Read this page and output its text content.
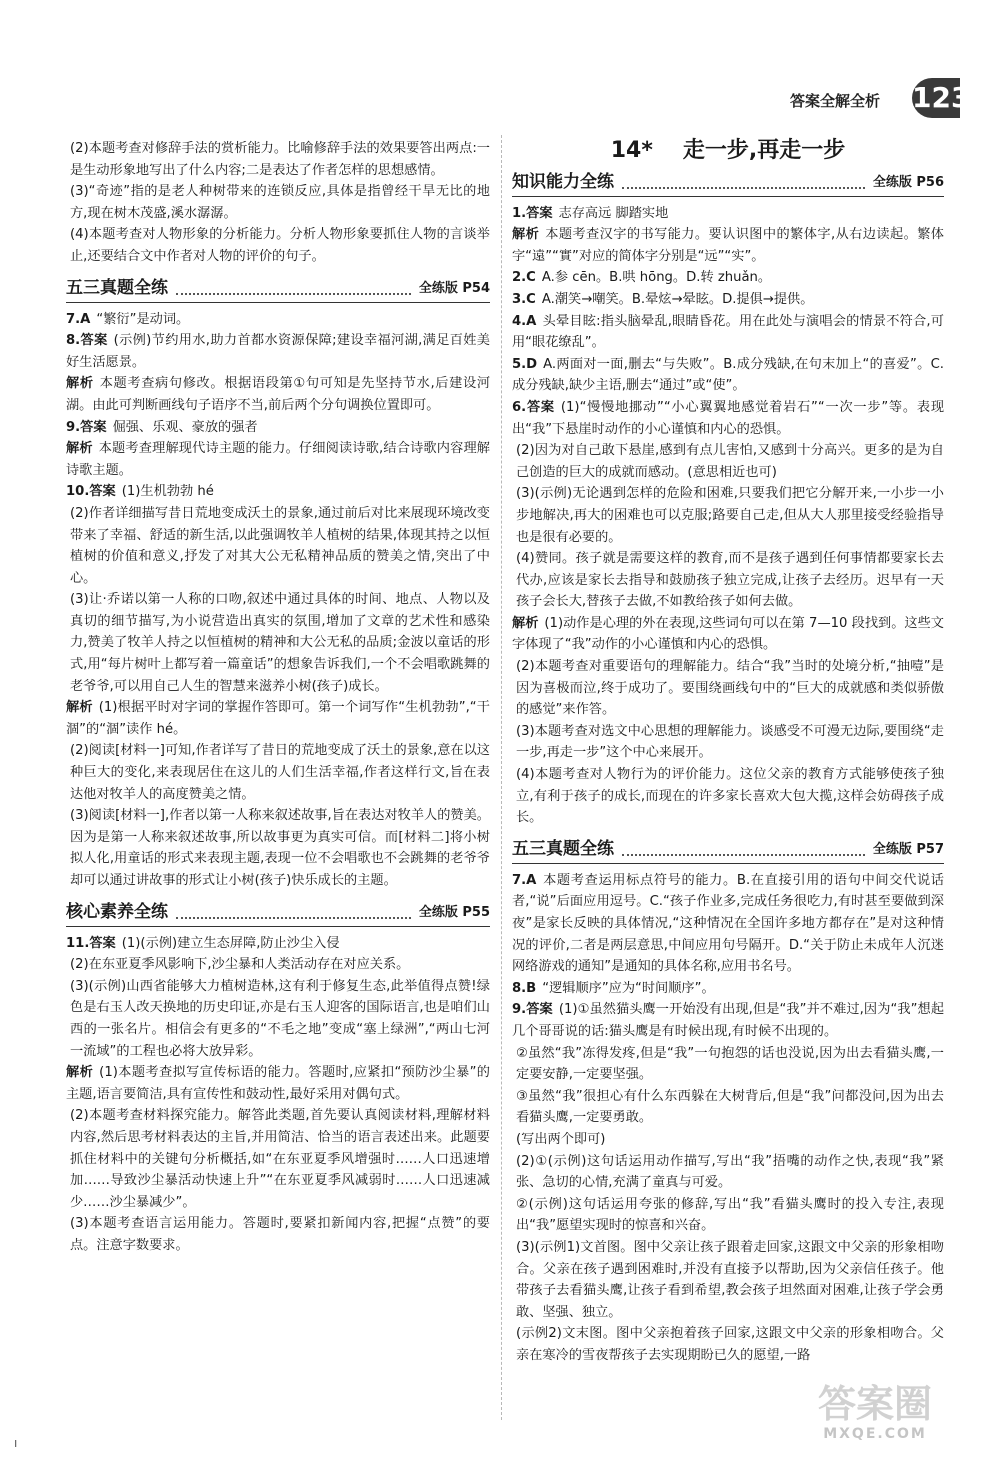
答案全解全析 123

(2)本题考查对修辞手法的赏析能力。比喻修辞手法的效果要答出两点:一是生动形象地写出了什么内容;二是表达了作者怎样的思想感情。

(3)“奇迹”指的是老人种树带来的连锁反应,具体是指曾经干旱无比的地方,现在树木茂盛,溪水潺潺。

(4)本题考查对人物形象的分析能力。分析人物形象要抓住人物的言谈举止,还要结合文中作者对人物的评价的句子。

五三真题全练	全练版 P54

7.A “繁衍”是动词。

8.答案 (示例)节约用水,助力首都水资源保障;建设幸福河湖,满足百姓美好生活愿景。

解析 本题考查病句修改。根据语段第①句可知是先坚持节水,后建设河湖。由此可判断画线句子语序不当,前后两个分句调换位置即可。

9.答案 倔强、乐观、豪放的强者

解析 本题考查理解现代诗主题的能力。仔细阅读诗歌,结合诗歌内容理解诗歌主题。

10.答案 (1)生机勃勃 hé

(2)作者详细描写昔日荒地变成沃土的景象,通过前后对比来展现环境改变带来了幸福、舒适的新生活,以此强调牧羊人植树的结果,体现其持之以恒植树的价值和意义,抒发了对其大公无私精神品质的赞美之情,突出了中心。

(3)让·乔诺以第一人称的口吻,叙述中通过具体的时间、地点、人物以及真切的细节描写,为小说营造出真实的氛围,增加了文章的艺术性和感染力,赞美了牧羊人持之以恒植树的精神和大公无私的品质;金波以童话的形式,用“每片树叶上都写着一篇童话”的想象告诉我们,一个不会唱歌跳舞的老爷爷,可以用自己人生的智慧来滋养小树(孩子)成长。

解析 (1)根据平时对字词的掌握作答即可。第一个词写作“生机勃勃”,“干涸”的“涸”读作 hé。

(2)阅读[材料一]可知,作者详写了昔日的荒地变成了沃土的景象,意在以这种巨大的变化,来表现居住在这儿的人们生活幸福,作者这样行文,旨在表达他对牧羊人的高度赞美之情。

(3)阅读[材料一],作者以第一人称来叙述故事,旨在表达对牧羊人的赞美。因为是第一人称来叙述故事,所以故事更为真实可信。而[材料二]将小树拟人化,用童话的形式来表现主题,表现一位不会唱歌也不会跳舞的老爷爷却可以通过讲故事的形式让小树(孩子)快乐成长的主题。

核心素养全练	全练版 P55

11.答案 (1)(示例)建立生态屏障,防止沙尘入侵

(2)在东亚夏季风影响下,沙尘暴和人类活动存在对应关系。

(3)(示例)山西省能够大力植树造林,这有利于修复生态,此举值得点赞!绿色是右玉人改天换地的历史印证,亦是右玉人迎客的国际语言,也是咱们山西的一张名片。相信会有更多的“不毛之地”变成“塞上绿洲”,“两山七河一流域”的工程也必将大放异彩。

解析 (1)本题考查拟写宣传标语的能力。答题时,应紧扣“预防沙尘暴”的主题,语言要简洁,具有宣传性和鼓动性,最好采用对偶句式。

(2)本题考查材料探究能力。解答此类题,首先要认真阅读材料,理解材料内容,然后思考材料表达的主旨,并用简洁、恰当的语言表述出来。此题要抓住材料中的关键句分析概括,如“在东亚夏季风增强时……人口迅速增加……导致沙尘暴活动快速上升”“在东亚夏季风减弱时……人口迅速减少……沙尘暴减少”。

(3)本题考查语言运用能力。答题时,要紧扣新闻内容,把握“点赞”的要点。注意字数要求。

14* 走一步,再走一步
知识能力全练	全练版 P56

1.答案 志存高远 脚踏实地

解析 本题考查汉字的书写能力。要认识图中的繁体字,从右边读起。繁体字“遠”“實”对应的简体字分别是“远”“实”。

2.C A.参 cēn。B.哄 hōng。D.转 zhuǎn。

3.C A.潮笑→嘲笑。B.晕炫→晕眩。D.提俱→提供。

4.A 头晕目眩:指头脑晕乱,眼睛昏花。用在此处与演唱会的情景不符合,可用“眼花缭乱”。

5.D A.两面对一面,删去“与失败”。B.成分残缺,在句末加上“的喜爱”。C.成分残缺,缺少主语,删去“通过”或“使”。

6.答案 (1)“慢慢地挪动”“小心翼翼地感觉着岩石”“一次一步”等。表现出“我”下悬崖时动作的小心谨慎和内心的恐惧。

(2)因为对自己敢下悬崖,感到有点儿害怕,又感到十分高兴。更多的是为自己创造的巨大的成就而感动。(意思相近也可)

(3)(示例)无论遇到怎样的危险和困难,只要我们把它分解开来,一小步一小步地解决,再大的困难也可以克服;路要自己走,但从大人那里接受经验指导也是很有必要的。

(4)赞同。孩子就是需要这样的教育,而不是孩子遇到任何事情都要家长去代办,应该是家长去指导和鼓励孩子独立完成,让孩子去经历。迟早有一天孩子会长大,替孩子去做,不如教给孩子如何去做。

解析 (1)动作是心理的外在表现,这些词句可以在第 7—10 段找到。这些文字体现了“我”动作的小心谨慎和内心的恐惧。

(2)本题考查对重要语句的理解能力。结合“我”当时的处境分析,“抽噎”是因为喜极而泣,终于成功了。要围绕画线句中的“巨大的成就感和类似骄傲的感觉”来作答。

(3)本题考查对选文中心思想的理解能力。谈感受不可漫无边际,要围绕“走一步,再走一步”这个中心来展开。

(4)本题考查对人物行为的评价能力。这位父亲的教育方式能够使孩子独立,有利于孩子的成长,而现在的许多家长喜欢大包大揽,这样会妨碍孩子成长。

五三真题全练	全练版 P57

7.A 本题考查运用标点符号的能力。B.在直接引用的语句中间交代说话者,“说”后面应用逗号。C.“孩子作业多,完成任务很吃力,有时甚至要做到深夜”是家长反映的具体情况,“这种情况在全国许多地方都存在”是对这种情况的评价,二者是两层意思,中间应用句号隔开。D.“关于防止未成年人沉迷网络游戏的通知”是通知的具体名称,应用书名号。

8.B “逻辑顺序”应为“时间顺序”。

9.答案 (1)①虽然猫头鹰一开始没有出现,但是“我”并不难过,因为“我”想起几个哥哥说的话:猫头鹰是有时候出现,有时候不出现的。

②虽然“我”冻得发疼,但是“我”一句抱怨的话也没说,因为出去看猫头鹰,一定要安静,一定要坚强。

③虽然“我”很担心有什么东西躲在大树背后,但是“我”问都没问,因为出去看猫头鹰,一定要勇敢。

(写出两个即可)

(2)①(示例)这句话运用动作描写,写出“我”捂嘴的动作之快,表现“我”紧张、急切的心情,充满了童真与可爱。

②(示例)这句话运用夸张的修辞,写出“我”看猫头鹰时的投入专注,表现出“我”愿望实现时的惊喜和兴奋。

(3)(示例1)文首图。图中父亲让孩子跟着走回家,这跟文中父亲的形象相吻合。父亲在孩子遇到困难时,并没有直接予以帮助,因为父亲信任孩子。他带孩子去看猫头鹰,让孩子看到希望,教会孩子坦然面对困难,让孩子学会勇敢、坚强、独立。

(示例2)文末图。图中父亲抱着孩子回家,这跟文中父亲的形象相吻合。父亲在寒冷的雪夜帮孩子去实现期盼已久的愿望,一路

答案圈
MXQE.COM
ı
